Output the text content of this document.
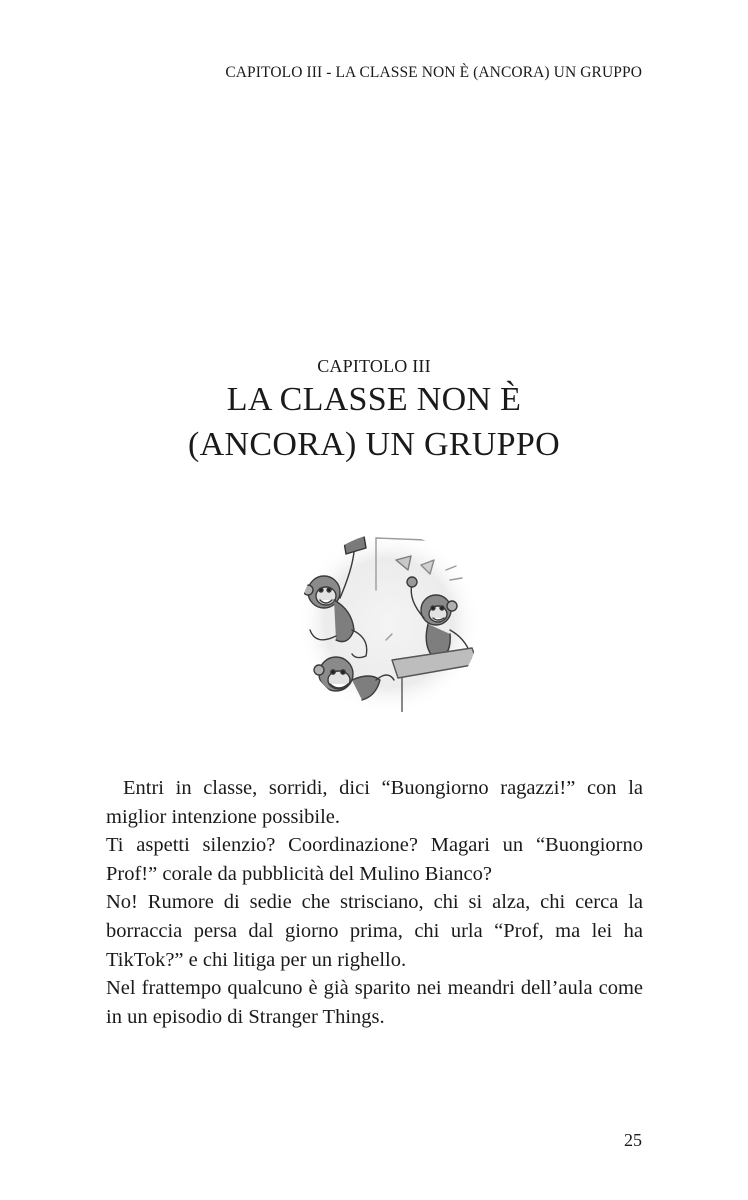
CAPITOLO III - LA CLASSE NON È (ANCORA) UN GRUPPO
CAPITOLO III
LA CLASSE NON È
(ANCORA) UN GRUPPO

Entri in classe, sorridi, dici “Buongiorno ragazzi!” con la miglior intenzione possibile.

Ti aspetti silenzio? Coordinazione? Magari un “Buongiorno Prof!” corale da pubblicità del Mulino Bianco?

No! Rumore di sedie che strisciano, chi si alza, chi cerca la borraccia persa dal giorno prima, chi urla “Prof, ma lei ha TikTok?” e chi litiga per un righello.

Nel frattempo qualcuno è già sparito nei meandri dell’aula come in un episodio di Stranger Things.

25
